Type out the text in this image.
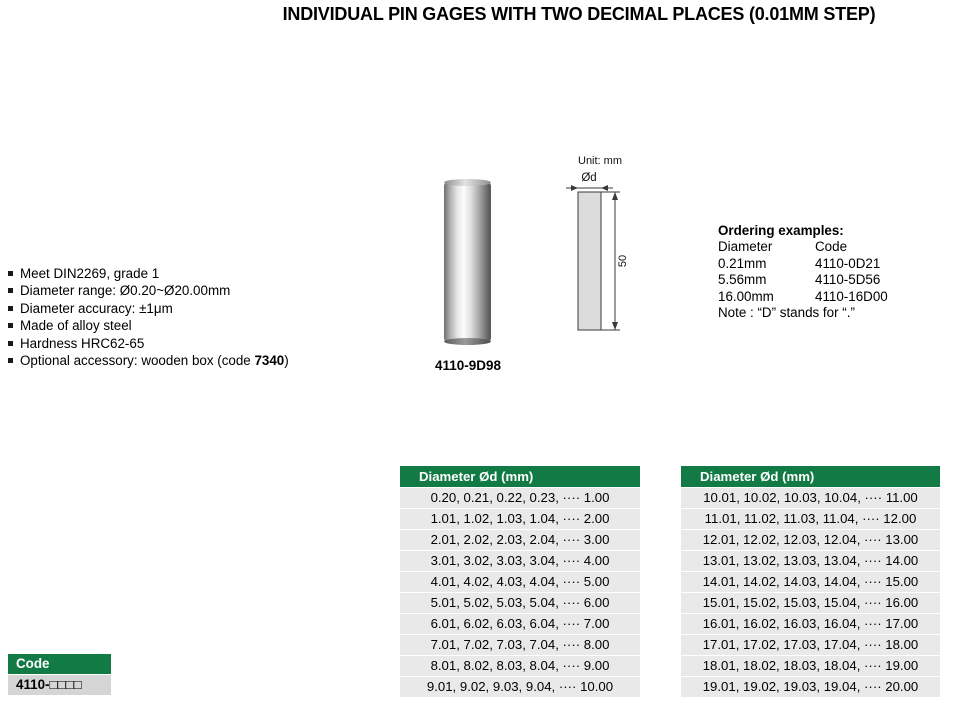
INDIVIDUAL PIN GAGES WITH TWO DECIMAL PLACES (0.01MM STEP)
Meet DIN2269, grade 1
Diameter range: Ø0.20~Ø20.00mm
Diameter accuracy: ±1μm
Made of alloy steel
Hardness HRC62-65
Optional accessory: wooden box (code 7340)	4110-9D98
Unit: mm
Ød
50
Ordering examples:
Diameter	Code
0.21mm	4110-0D21
5.56mm	4110-5D56
16.00mm	4110-16D00
Note : “D” stands for “.”
Code
4110-□□□□
Diameter Ød (mm)
0.20, 0.21, 0.22, 0.23, ···· 1.00
1.01, 1.02, 1.03, 1.04, ···· 2.00
2.01, 2.02, 2.03, 2.04, ···· 3.00
3.01, 3.02, 3.03, 3.04, ···· 4.00
4.01, 4.02, 4.03, 4.04, ···· 5.00
5.01, 5.02, 5.03, 5.04, ···· 6.00
6.01, 6.02, 6.03, 6.04, ···· 7.00
7.01, 7.02, 7.03, 7.04, ···· 8.00
8.01, 8.02, 8.03, 8.04, ···· 9.00
9.01, 9.02, 9.03, 9.04, ···· 10.00
Diameter Ød (mm)
10.01, 10.02, 10.03, 10.04, ···· 11.00
11.01, 11.02, 11.03, 11.04, ···· 12.00
12.01, 12.02, 12.03, 12.04, ···· 13.00
13.01, 13.02, 13.03, 13.04, ···· 14.00
14.01, 14.02, 14.03, 14.04, ···· 15.00
15.01, 15.02, 15.03, 15.04, ···· 16.00
16.01, 16.02, 16.03, 16.04, ···· 17.00
17.01, 17.02, 17.03, 17.04, ···· 18.00
18.01, 18.02, 18.03, 18.04, ···· 19.00
19.01, 19.02, 19.03, 19.04, ···· 20.00
